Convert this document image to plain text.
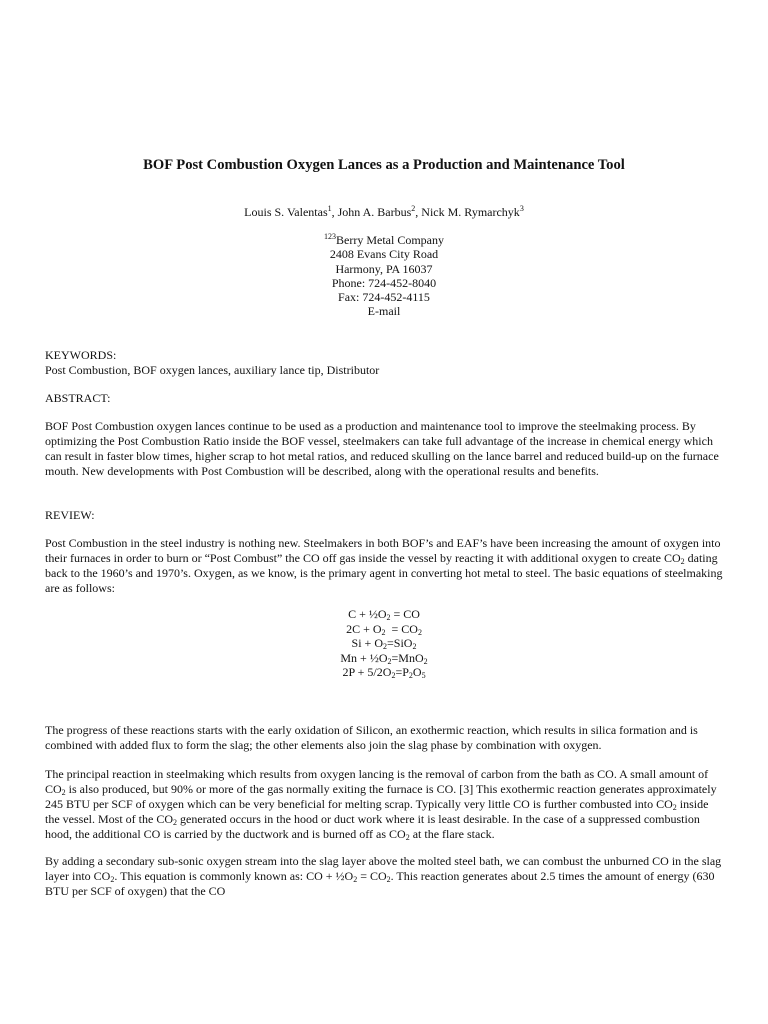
BOF Post Combustion Oxygen Lances as a Production and Maintenance Tool
Louis S. Valentas$^1$, John A. Barbus$^2$, Nick M. Rymarchyk$^3$
$^{123}$Berry Metal Company
2408 Evans City Road
Harmony, PA 16037
Phone: 724-452-8040
Fax: 724-452-4115
E-mail
KEYWORDS:
Post Combustion, BOF oxygen lances, auxiliary lance tip, Distributor
ABSTRACT:
BOF Post Combustion oxygen lances continue to be used as a production and maintenance tool to improve the steelmaking process. By optimizing the Post Combustion Ratio inside the BOF vessel, steelmakers can take full advantage of the increase in chemical energy which can result in faster blow times, higher scrap to hot metal ratios, and reduced skulling on the lance barrel and reduced build-up on the furnace mouth. New developments with Post Combustion will be described, along with the operational results and benefits.
REVIEW:
Post Combustion in the steel industry is nothing new. Steelmakers in both BOF’s and EAF’s have been increasing the amount of oxygen into their furnaces in order to burn or “Post Combust” the CO off gas inside the vessel by reacting it with additional oxygen to create $CO_2$ dating back to the 1960’s and 1970’s. Oxygen, as we know, is the primary agent in converting hot metal to steel. The basic equations of steelmaking are as follows:
$C + \frac{1}{2}O_2$ = CO
$2C + O_2 = CO_2$
$Si + O_2=SiO_2$
$Mn + \frac{1}{2}O_2=MnO_2$
$2P + 5/2O_2=P_2O_5$
The progress of these reactions starts with the early oxidation of Silicon, an exothermic reaction, which results in silica formation and is combined with added flux to form the slag; the other elements also join the slag phase by combination with oxygen.
The principal reaction in steelmaking which results from oxygen lancing is the removal of carbon from the bath as CO. A small amount of $CO_2$ is also produced, but 90% or more of the gas normally exiting the furnace is CO. [3] This exothermic reaction generates approximately 245 BTU per SCF of oxygen which can be very beneficial for melting scrap. Typically very little CO is further combusted into $CO_2$ inside the vessel. Most of the $CO_2$ generated occurs in the hood or duct work where it is least desirable. In the case of a suppressed combustion hood, the additional CO is carried by the ductwork and is burned off as $CO_2$ at the flare stack.
By adding a secondary sub-sonic oxygen stream into the slag layer above the molted steel bath, we can combust the unburned CO in the slag layer into $CO_2$. This equation is commonly known as: CO + $\frac{1}{2}O_2 = CO_2$. This reaction generates about 2.5 times the amount of energy (630 BTU per SCF of oxygen) that the CO
